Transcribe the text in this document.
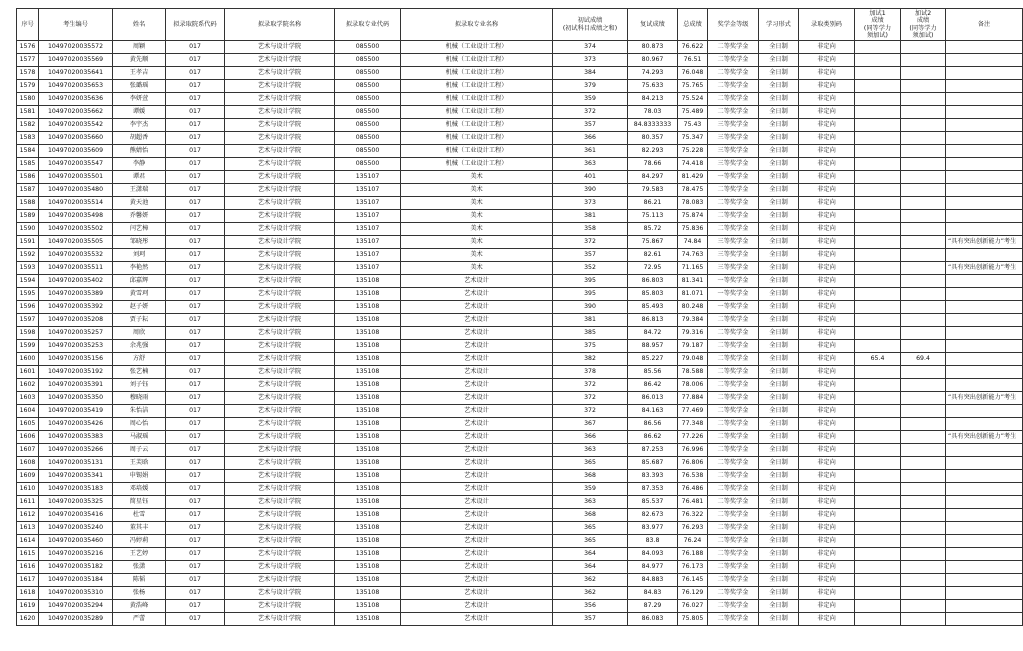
序号	考生编号	姓名	拟录取院系代码	拟录取学院名称	拟录取专业代码	拟录取专业名称	初试成绩
(初试科目成绩之和)	复试成绩	总成绩	奖学金等级	学习形式	录取类别码	加试1
成绩
(同等学力
须加试)	加试2
成绩
(同等学力
须加试)	备注
1576	10497020035572	周颖	017	艺术与设计学院	085500	机械（工业设计工程）	374	80.873	76.622	二等奖学金	全日制	非定向			
1577	10497020035569	黄先顺	017	艺术与设计学院	085500	机械（工业设计工程）	373	80.967	76.51	二等奖学金	全日制	非定向			
1578	10497020035641	王孝吉	017	艺术与设计学院	085500	机械（工业设计工程）	384	74.293	76.048	二等奖学金	全日制	非定向			
1579	10497020035653	张璐瑶	017	艺术与设计学院	085500	机械（工业设计工程）	379	75.633	75.765	二等奖学金	全日制	非定向			
1580	10497020035636	李妍萱	017	艺术与设计学院	085500	机械（工业设计工程）	359	84.213	75.524	二等奖学金	全日制	非定向			
1581	10497020035662	谭媛	017	艺术与设计学院	085500	机械（工业设计工程）	372	78.03	75.489	二等奖学金	全日制	非定向			
1582	10497020035542	李宇杰	017	艺术与设计学院	085500	机械（工业设计工程）	357	84.8333333	75.43	三等奖学金	全日制	非定向			
1583	10497020035660	胡超香	017	艺术与设计学院	085500	机械（工业设计工程）	366	80.357	75.347	三等奖学金	全日制	非定向			
1584	10497020035609	熊婧怡	017	艺术与设计学院	085500	机械（工业设计工程）	361	82.293	75.228	三等奖学金	全日制	非定向			
1585	10497020035547	李静	017	艺术与设计学院	085500	机械（工业设计工程）	363	78.66	74.418	三等奖学金	全日制	非定向			
1586	10497020035501	谭君	017	艺术与设计学院	135107	美术	401	84.297	81.429	一等奖学金	全日制	非定向			
1587	10497020035480	王潇瑞	017	艺术与设计学院	135107	美术	390	79.583	78.475	二等奖学金	全日制	非定向			
1588	10497020035514	黄天池	017	艺术与设计学院	135107	美术	373	86.21	78.083	二等奖学金	全日制	非定向			
1589	10497020035498	乔馨妍	017	艺术与设计学院	135107	美术	381	75.113	75.874	二等奖学金	全日制	非定向			
1590	10497020035502	闫艺樟	017	艺术与设计学院	135107	美术	358	85.72	75.836	二等奖学金	全日制	非定向			
1591	10497020035505	邹晓彤	017	艺术与设计学院	135107	美术	372	75.867	74.84	三等奖学金	全日制	非定向			“具有突出创新能力”考生
1592	10497020035532	刘珂	017	艺术与设计学院	135107	美术	357	82.61	74.763	三等奖学金	全日制	非定向			
1593	10497020035511	李艳然	017	艺术与设计学院	135107	美术	352	72.95	71.165	三等奖学金	全日制	非定向			“具有突出创新能力”考生
1594	10497020035402	邱嘉辉	017	艺术与设计学院	135108	艺术设计	395	86.803	81.341	一等奖学金	全日制	非定向			
1595	10497020035389	黄雪珂	017	艺术与设计学院	135108	艺术设计	395	85.803	81.071	一等奖学金	全日制	非定向			
1596	10497020035392	赵子妍	017	艺术与设计学院	135108	艺术设计	390	85.493	80.248	一等奖学金	全日制	非定向			
1597	10497020035208	贾子耘	017	艺术与设计学院	135108	艺术设计	381	86.813	79.384	二等奖学金	全日制	非定向			
1598	10497020035257	周欣	017	艺术与设计学院	135108	艺术设计	385	84.72	79.316	二等奖学金	全日制	非定向			
1599	10497020035253	余兆强	017	艺术与设计学院	135108	艺术设计	375	88.957	79.187	二等奖学金	全日制	非定向			
1600	10497020035156	方舒	017	艺术与设计学院	135108	艺术设计	382	85.227	79.048	二等奖学金	全日制	非定向	65.4	69.4	
1601	10497020035192	张艺楠	017	艺术与设计学院	135108	艺术设计	378	85.56	78.588	二等奖学金	全日制	非定向			
1602	10497020035391	刘子钰	017	艺术与设计学院	135108	艺术设计	372	86.42	78.006	二等奖学金	全日制	非定向			
1603	10497020035350	穆晓雨	017	艺术与设计学院	135108	艺术设计	372	86.013	77.884	二等奖学金	全日制	非定向			“具有突出创新能力”考生
1604	10497020035419	朱怡洁	017	艺术与设计学院	135108	艺术设计	372	84.163	77.469	二等奖学金	全日制	非定向			
1605	10497020035426	周心怡	017	艺术与设计学院	135108	艺术设计	367	86.56	77.348	二等奖学金	全日制	非定向			
1606	10497020035383	马淑瑶	017	艺术与设计学院	135108	艺术设计	366	86.62	77.226	二等奖学金	全日制	非定向			“具有突出创新能力”考生
1607	10497020035266	周子云	017	艺术与设计学院	135108	艺术设计	363	87.253	76.996	二等奖学金	全日制	非定向			
1608	10497020035131	王芙晗	017	艺术与设计学院	135108	艺术设计	365	85.687	76.806	二等奖学金	全日制	非定向			
1609	10497020035341	申锡娟	017	艺术与设计学院	135108	艺术设计	368	83.393	76.538	二等奖学金	全日制	非定向			
1610	10497020035183	邓培媛	017	艺术与设计学院	135108	艺术设计	359	87.353	76.486	二等奖学金	全日制	非定向			
1611	10497020035325	简星钰	017	艺术与设计学院	135108	艺术设计	363	85.537	76.481	二等奖学金	全日制	非定向			
1612	10497020035416	杜雪	017	艺术与设计学院	135108	艺术设计	368	82.673	76.322	二等奖学金	全日制	非定向			
1613	10497020035240	董其丰	017	艺术与设计学院	135108	艺术设计	365	83.977	76.293	二等奖学金	全日制	非定向			
1614	10497020035460	冯婷莉	017	艺术与设计学院	135108	艺术设计	365	83.8	76.24	二等奖学金	全日制	非定向			
1615	10497020035216	王艺婷	017	艺术与设计学院	135108	艺术设计	364	84.093	76.188	二等奖学金	全日制	非定向			
1616	10497020035182	张潇	017	艺术与设计学院	135108	艺术设计	364	84.977	76.173	二等奖学金	全日制	非定向			
1617	10497020035184	陈韬	017	艺术与设计学院	135108	艺术设计	362	84.883	76.145	二等奖学金	全日制	非定向			
1618	10497020035310	张杨	017	艺术与设计学院	135108	艺术设计	362	84.83	76.129	二等奖学金	全日制	非定向			
1619	10497020035294	黄浩峰	017	艺术与设计学院	135108	艺术设计	356	87.29	76.027	二等奖学金	全日制	非定向			
1620	10497020035289	严蕾	017	艺术与设计学院	135108	艺术设计	357	86.083	75.805	二等奖学金	全日制	非定向			
